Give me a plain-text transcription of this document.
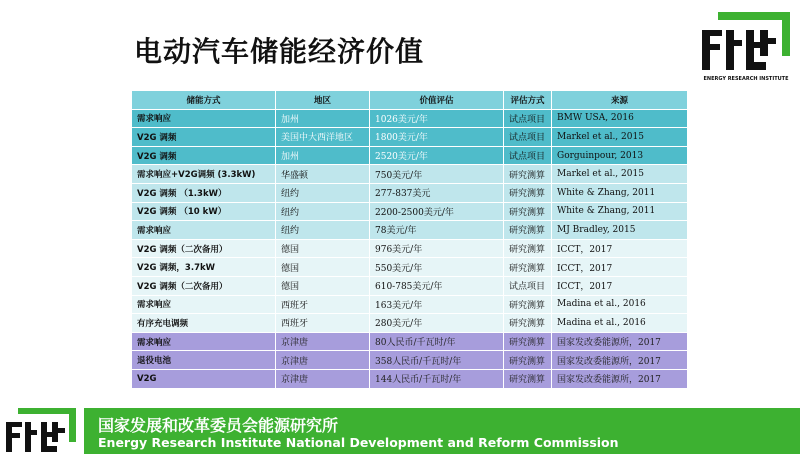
电动汽车储能经济价值
ENERGY RESEARCH INSTITUTE
储能方式	地区	价值评估	评估方式	来源
需求响应	加州	1026美元/年	试点项目	BMW USA, 2016
V2G 调频	美国中大西洋地区	1800美元/年	试点项目	Markel et al., 2015
V2G 调频	加州	2520美元/年	试点项目	Gorguinpour, 2013
需求响应+V2G调频 (3.3kW)	华盛顿	750美元/年	研究测算	Markel et al., 2015
V2G 调频 （1.3kW）	纽约	277-837美元	研究测算	White & Zhang, 2011
V2G 调频 （10 kW）	纽约	2200-2500美元/年	研究测算	White & Zhang, 2011
需求响应	纽约	78美元/年	研究测算	MJ Bradley, 2015
V2G 调频（二次备用）	德国	976美元/年	研究测算	ICCT，2017
V2G 调频，3.7kW	德国	550美元/年	研究测算	ICCT，2017
V2G 调频（二次备用）	德国	610-785美元/年	试点项目	ICCT，2017
需求响应	西班牙	163美元/年	研究测算	Madina et al., 2016
有序充电调频	西班牙	280美元/年	研究测算	Madina et al., 2016
需求响应	京津唐	80人民币/千瓦时/年	研究测算	国家发改委能源所，2017
退役电池	京津唐	358人民币/千瓦时/年	研究测算	国家发改委能源所，2017
V2G	京津唐	144人民币/千瓦时/年	研究测算	国家发改委能源所，2017
国家发展和改革委员会能源研究所
Energy Research Institute National Development and Reform Commission
